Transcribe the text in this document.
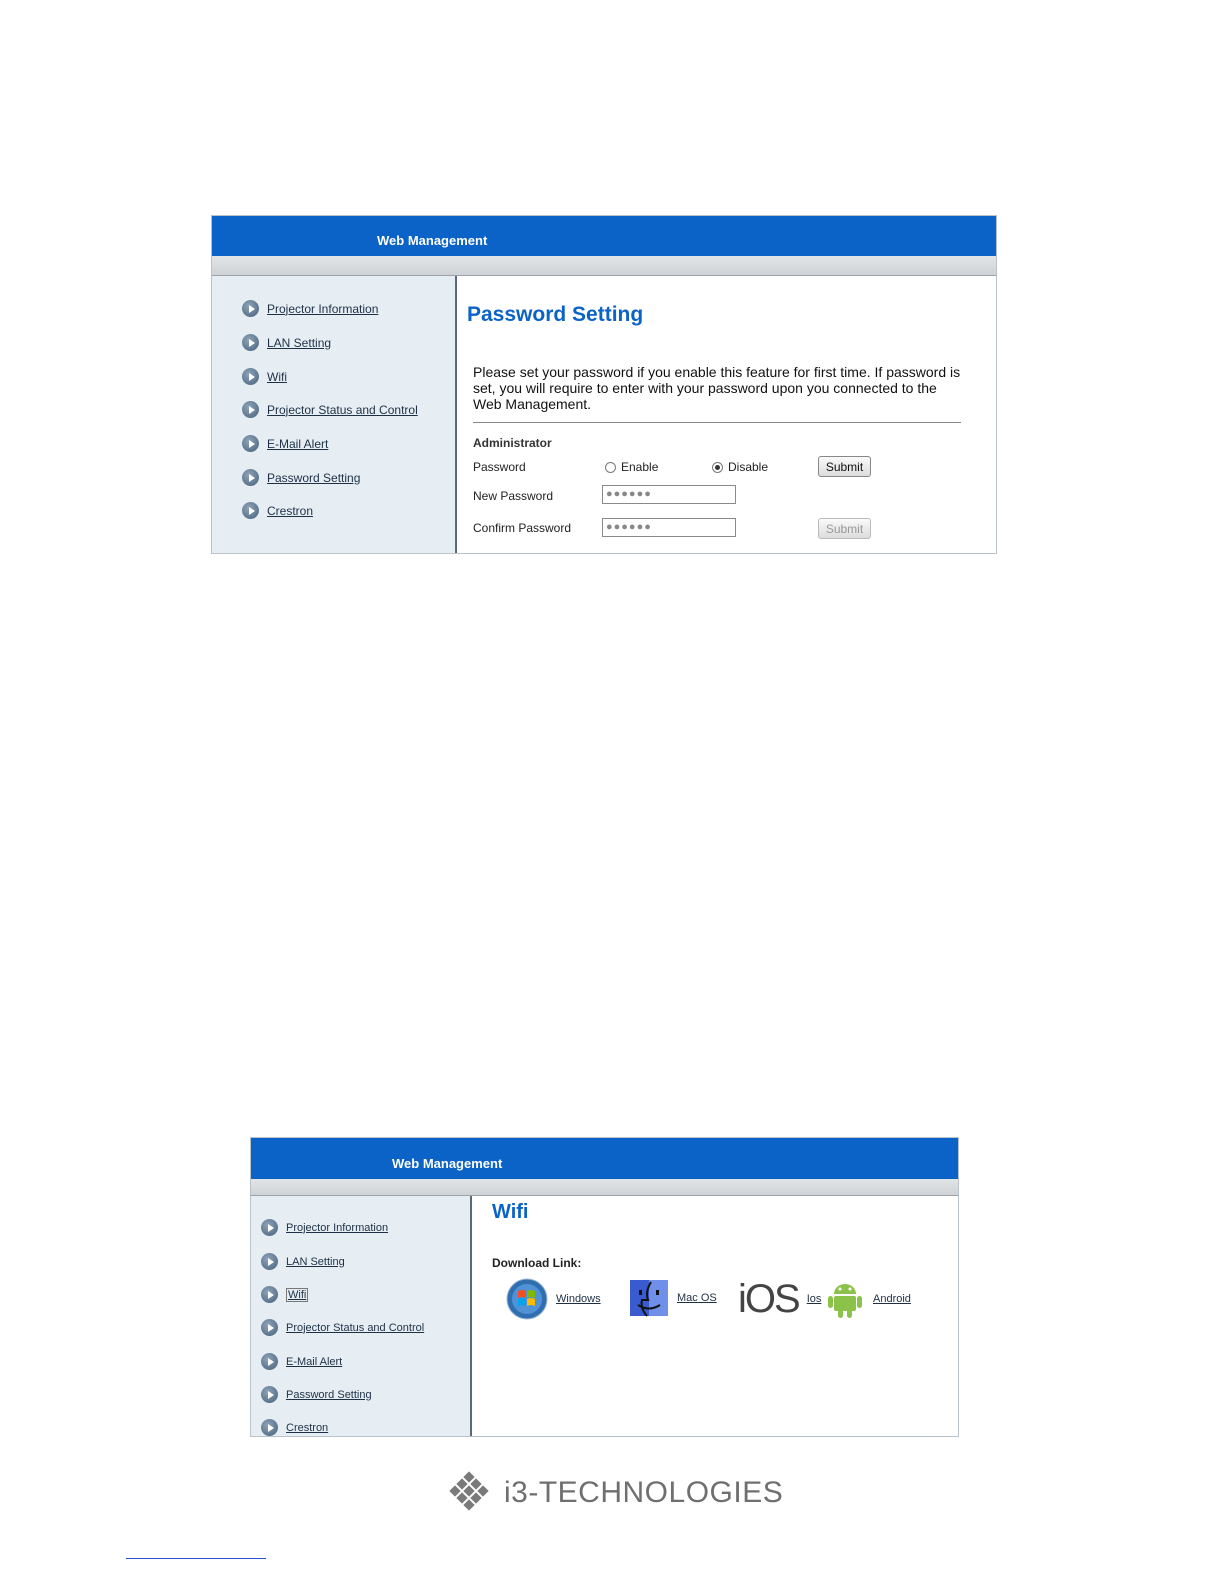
Web Management
Projector Information
LAN Setting
Wifi
Projector Status and Control
E-Mail Alert
Password Setting
Crestron
Password Setting
Please set your password if you enable this feature for first time. If password is set, you will require to enter with your password upon you connected to the Web Management.
Administrator
Password	Enable	Disable	Submit
New Password	●●●●●●
Confirm Password	●●●●●●	Submit
Web Management
Projector Information
LAN Setting
Wifi
Projector Status and Control
E-Mail Alert
Password Setting
Crestron
Wifi
Download Link:
Windows	Mac OS iOS Ios	Android
i3-TECHNOLOGIES
